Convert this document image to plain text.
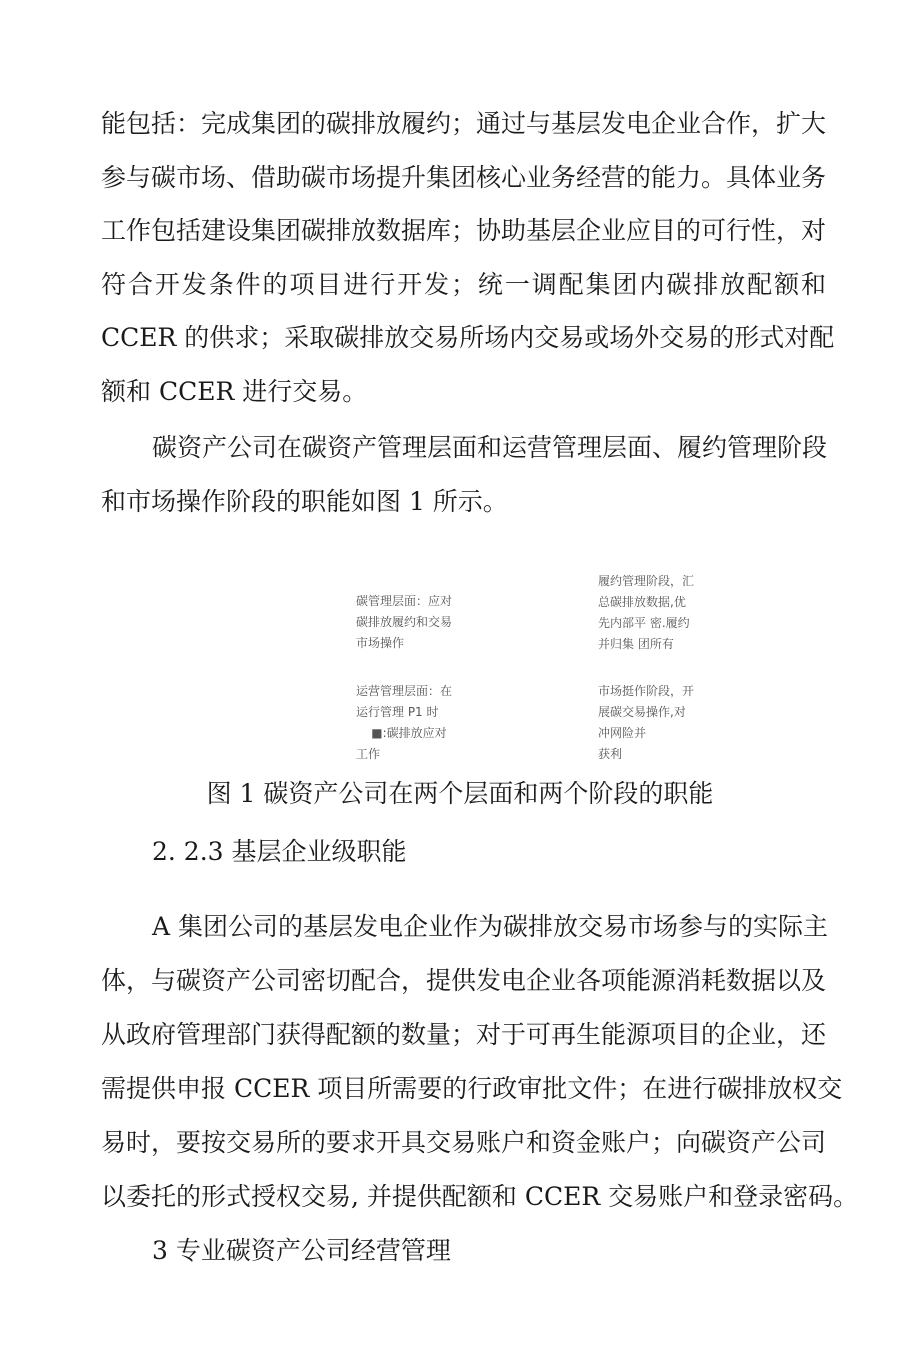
能包括：完成集团的碳排放履约；通过与基层发电企业合作，扩大
参与碳市场、借助碳市场提升集团核心业务经营的能力。具体业务
工作包括建设集团碳排放数据库；协助基层企业应目的可行性，对
符合开发条件的项目进行开发；统一调配集团内碳排放配额和
CCER 的供求；采取碳排放交易所场内交易或场外交易的形式对配
额和 CCER 进行交易。
碳资产公司在碳资产管理层面和运营管理层面、履约管理阶段
和市场操作阶段的职能如图 1 所示。
碳管理层面：应对
碳排放履约和交易
市场操作
履约管理阶段，汇
总碳排放数据,优
先内部平 密.履约
并归集 团所有
运营管理层面：在
运行管理 P1 时
■:碳排放应对
工作
市场挺作阶段，开
展碳交易操作,对
冲网险并
获利
图 1 碳资产公司在两个层面和两个阶段的职能
2. 2.3 基层企业级职能
A 集团公司的基层发电企业作为碳排放交易市场参与的实际主
体，与碳资产公司密切配合，提供发电企业各项能源消耗数据以及
从政府管理部门获得配额的数量；对于可再生能源项目的企业，还
需提供申报 CCER 项目所需要的行政审批文件；在进行碳排放权交
易时，要按交易所的要求开具交易账户和资金账户；向碳资产公司
以委托的形式授权交易, 并提供配额和 CCER 交易账户和登录密码。
3 专业碳资产公司经营管理
